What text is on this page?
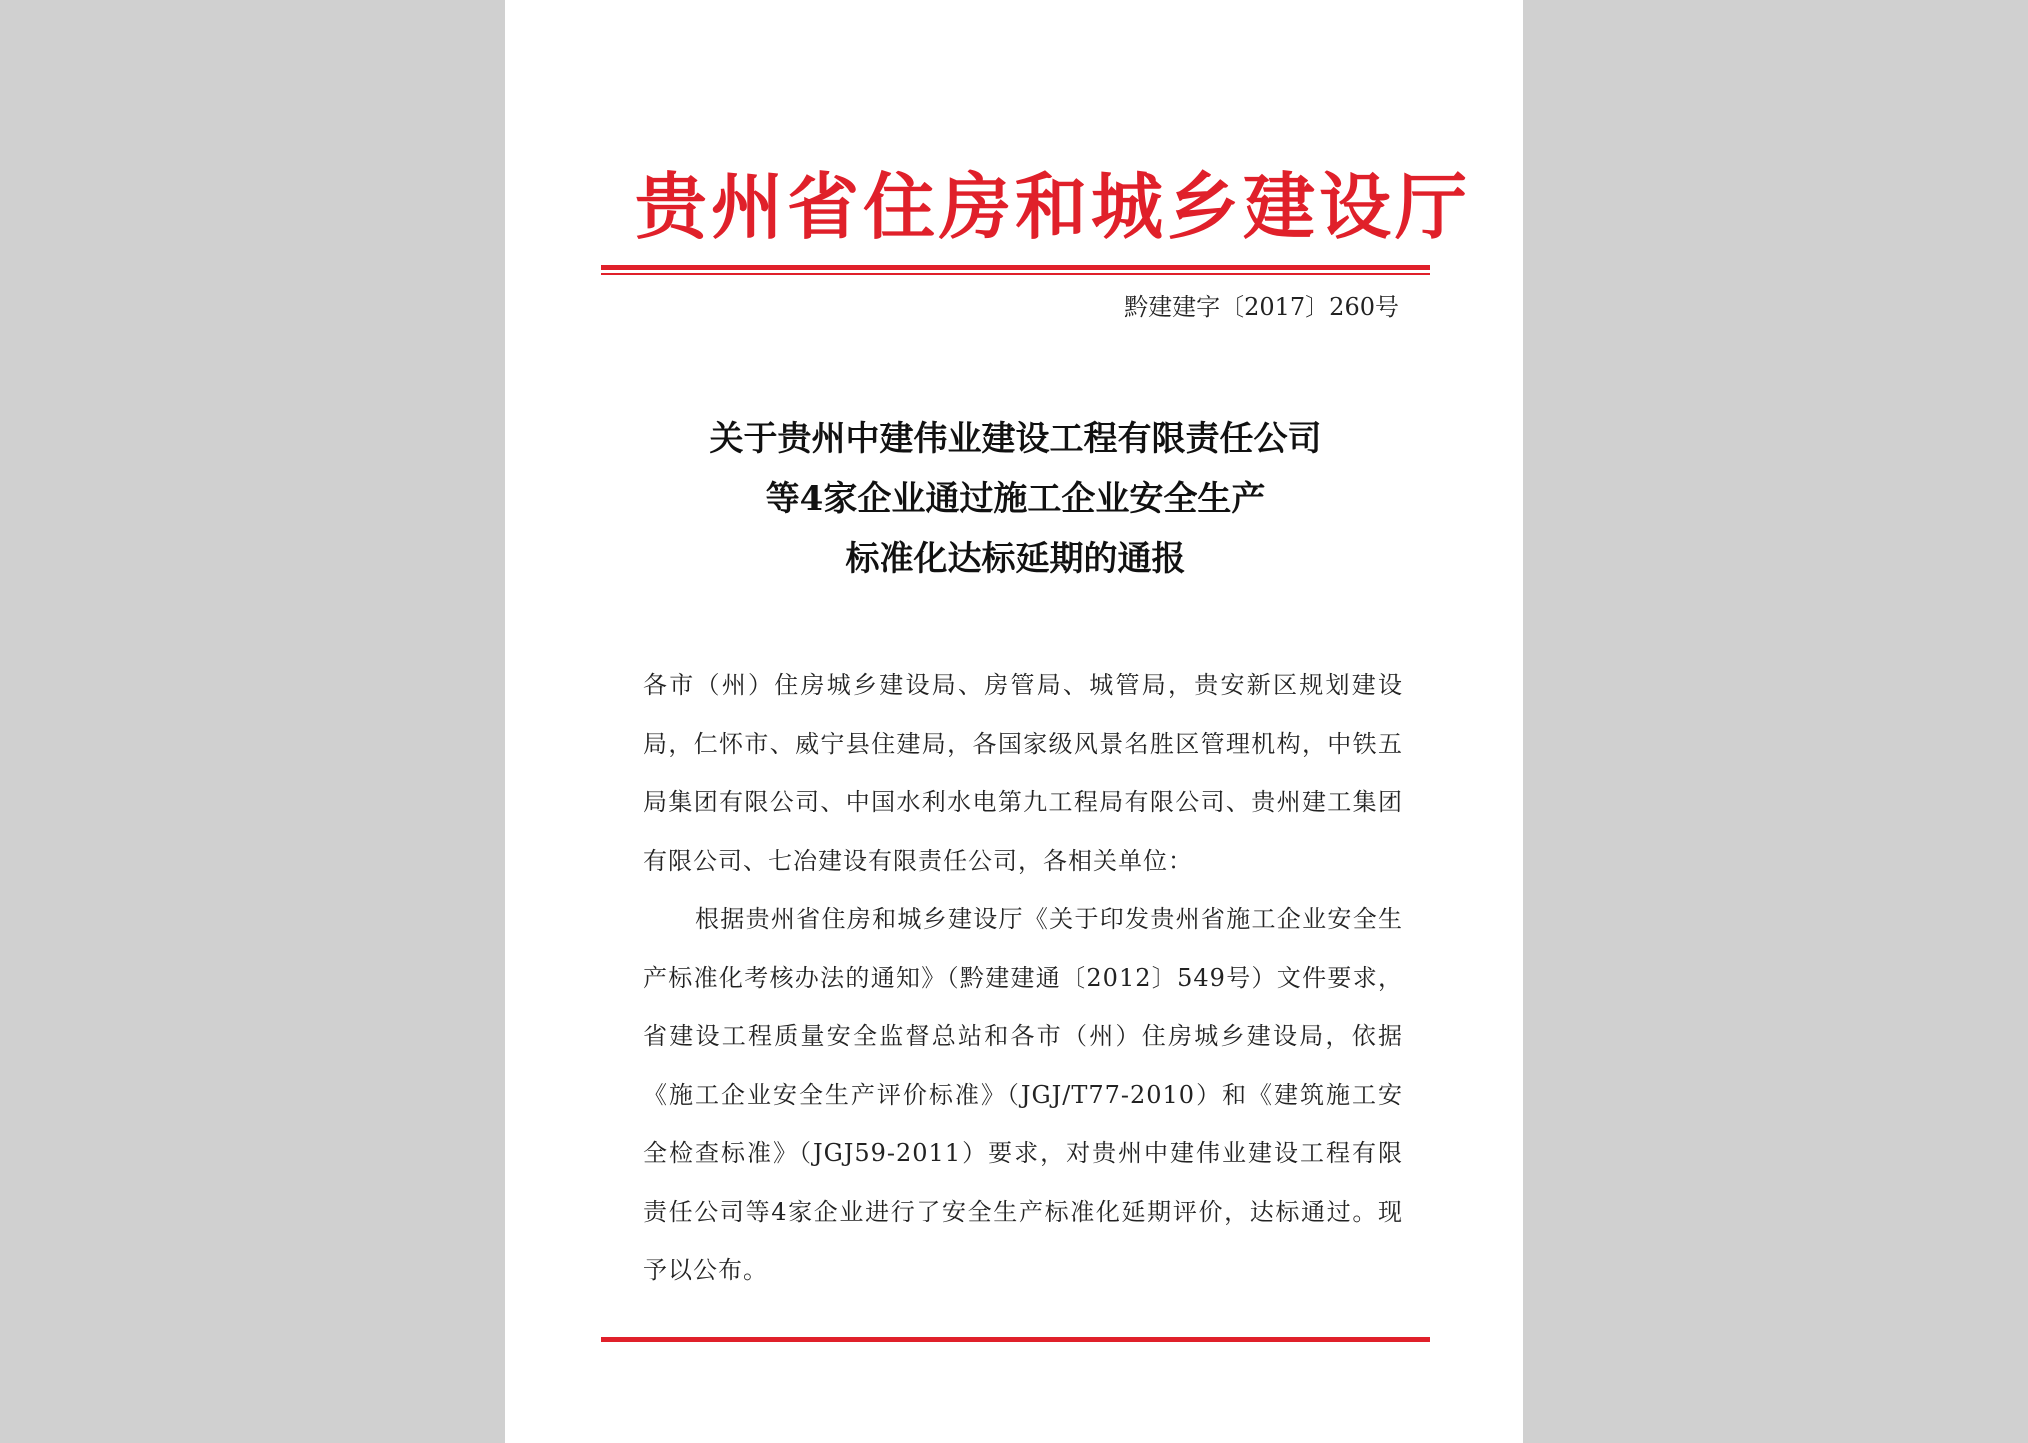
贵州省住房和城乡建设厅
黔建建字〔2017〕260号
关于贵州中建伟业建设工程有限责任公司
等4家企业通过施工企业安全生产
标准化达标延期的通报

各市（州）住房城乡建设局、房管局、城管局，贵安新区规划建设局，仁怀市、威宁县住建局，各国家级风景名胜区管理机构，中铁五局集团有限公司、中国水利水电第九工程局有限公司、贵州建工集团有限公司、七冶建设有限责任公司，各相关单位：

根据贵州省住房和城乡建设厅《关于印发贵州省施工企业安全生产标准化考核办法的通知》（黔建建通〔2012〕549号）文件要求，省建设工程质量安全监督总站和各市（州）住房城乡建设局，依据《施工企业安全生产评价标准》（JGJ/T77-2010）和《建筑施工安全检查标准》（JGJ59-2011）要求，对贵州中建伟业建设工程有限责任公司等4家企业进行了安全生产标准化延期评价，达标通过。现予以公布。
